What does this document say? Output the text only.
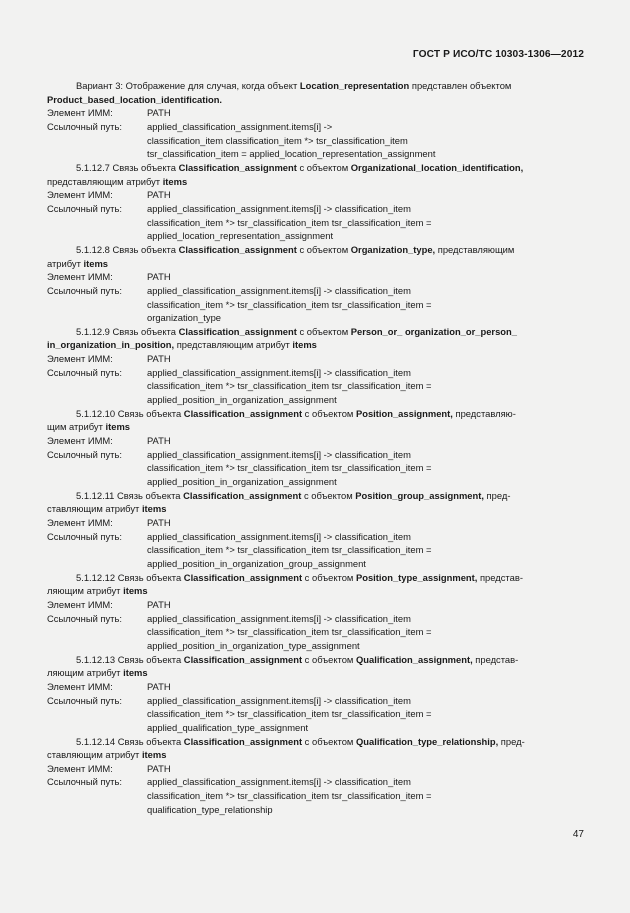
ГОСТ Р ИСО/ТС 10303-1306—2012
Вариант 3: Отображение для случая, когда объект Location_representation представлен объектом
Product_based_location_identification.
Элемент ИММ:	PATH
Ссылочный путь:	applied_classification_assignment.items[i] ->
classification_item classification_item *> tsr_classification_item
tsr_classification_item = applied_location_representation_assignment
5.1.12.7 Связь объекта Classification_assignment с объектом Organizational_location_identification,
представляющим атрибут items
Элемент ИММ:	PATH
Ссылочный путь:	applied_classification_assignment.items[i] -> classification_item
classification_item *> tsr_classification_item tsr_classification_item =
applied_location_representation_assignment
5.1.12.8 Связь объекта Classification_assignment с объектом Organization_type, представляющим
атрибут items
Элемент ИММ:	PATH
Ссылочный путь:	applied_classification_assignment.items[i] -> classification_item
classification_item *> tsr_classification_item tsr_classification_item =
organization_type
5.1.12.9 Связь объекта Classification_assignment с объектом Person_or_ organization_or_person_
in_organization_in_position, представляющим атрибут items
Элемент ИММ:	PATH
Ссылочный путь:	applied_classification_assignment.items[i] -> classification_item
classification_item *> tsr_classification_item tsr_classification_item =
applied_position_in_organization_assignment
5.1.12.10 Связь объекта Classification_assignment с объектом Position_assignment, представляю-
щим атрибут items
Элемент ИММ:	PATH
Ссылочный путь:	applied_classification_assignment.items[i] -> classification_item
classification_item *> tsr_classification_item tsr_classification_item =
applied_position_in_organization_assignment
5.1.12.11 Связь объекта Classification_assignment с объектом Position_group_assignment, пред-
ставляющим атрибут items
Элемент ИММ:	PATH
Ссылочный путь:	applied_classification_assignment.items[i] -> classification_item
classification_item *> tsr_classification_item tsr_classification_item =
applied_position_in_organization_group_assignment
5.1.12.12 Связь объекта Classification_assignment с объектом Position_type_assignment, представ-
ляющим атрибут items
Элемент ИММ:	PATH
Ссылочный путь:	applied_classification_assignment.items[i] -> classification_item
classification_item *> tsr_classification_item tsr_classification_item =
applied_position_in_organization_type_assignment
5.1.12.13 Связь объекта Classification_assignment с объектом Qualification_assignment, представ-
ляющим атрибут items
Элемент ИММ:	PATH
Ссылочный путь:	applied_classification_assignment.items[i] -> classification_item
classification_item *> tsr_classification_item tsr_classification_item =
applied_qualification_type_assignment
5.1.12.14 Связь объекта Classification_assignment с объектом Qualification_type_relationship, пред-
ставляющим атрибут items
Элемент ИММ:	PATH
Ссылочный путь:	applied_classification_assignment.items[i] -> classification_item
classification_item *> tsr_classification_item tsr_classification_item =
qualification_type_relationship
47
